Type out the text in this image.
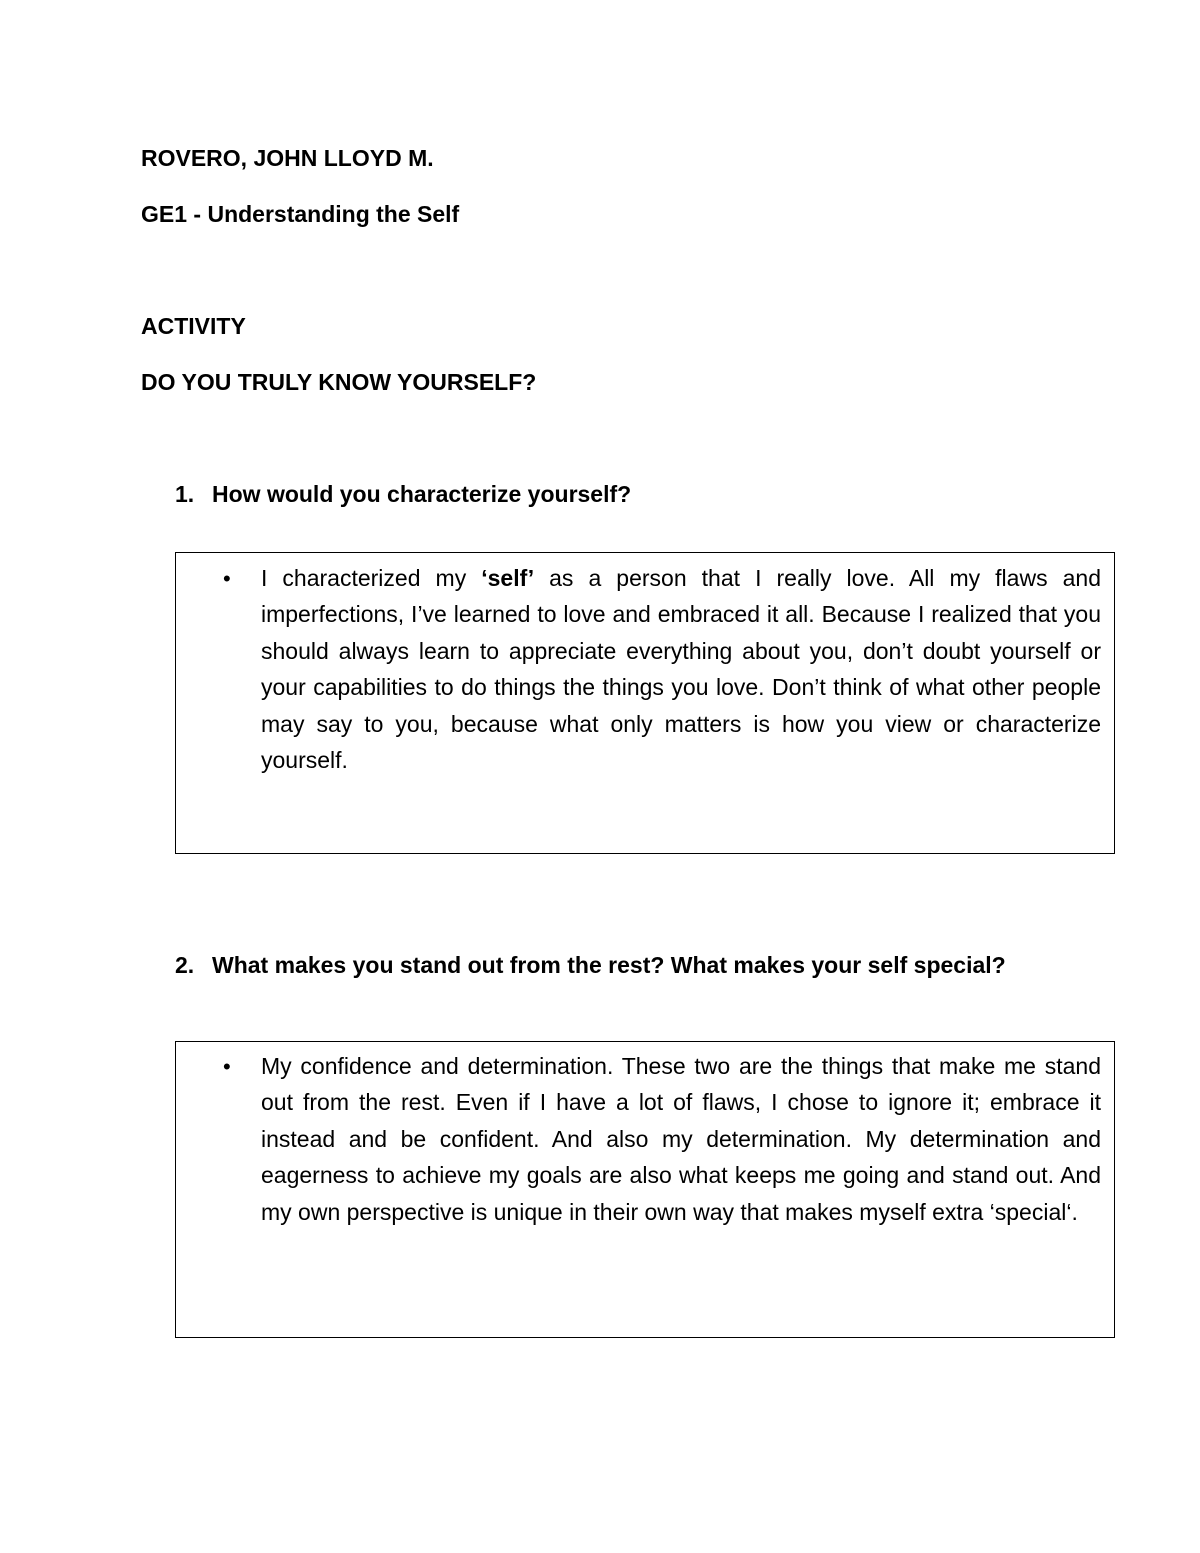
ROVERO, JOHN LLOYD M.
GE1 - Understanding the Self
ACTIVITY
DO YOU TRULY KNOW YOURSELF?
1. How would you characterize yourself?
• I characterized my ‘self’ as a person that I really love. All my flaws and imperfections, I’ve learned to love and embraced it all. Because I realized that you should always learn to appreciate everything about you, don’t doubt yourself or your capabilities to do things the things you love. Don’t think of what other people may say to you, because what only matters is how you view or characterize yourself.
2. What makes you stand out from the rest? What makes your self special?
• My confidence and determination. These two are the things that make me stand out from the rest. Even if I have a lot of flaws, I chose to ignore it; embrace it instead and be confident. And also my determination. My determination and eagerness to achieve my goals are also what keeps me going and stand out. And my own perspective is unique in their own way that makes myself extra ‘special‘.
